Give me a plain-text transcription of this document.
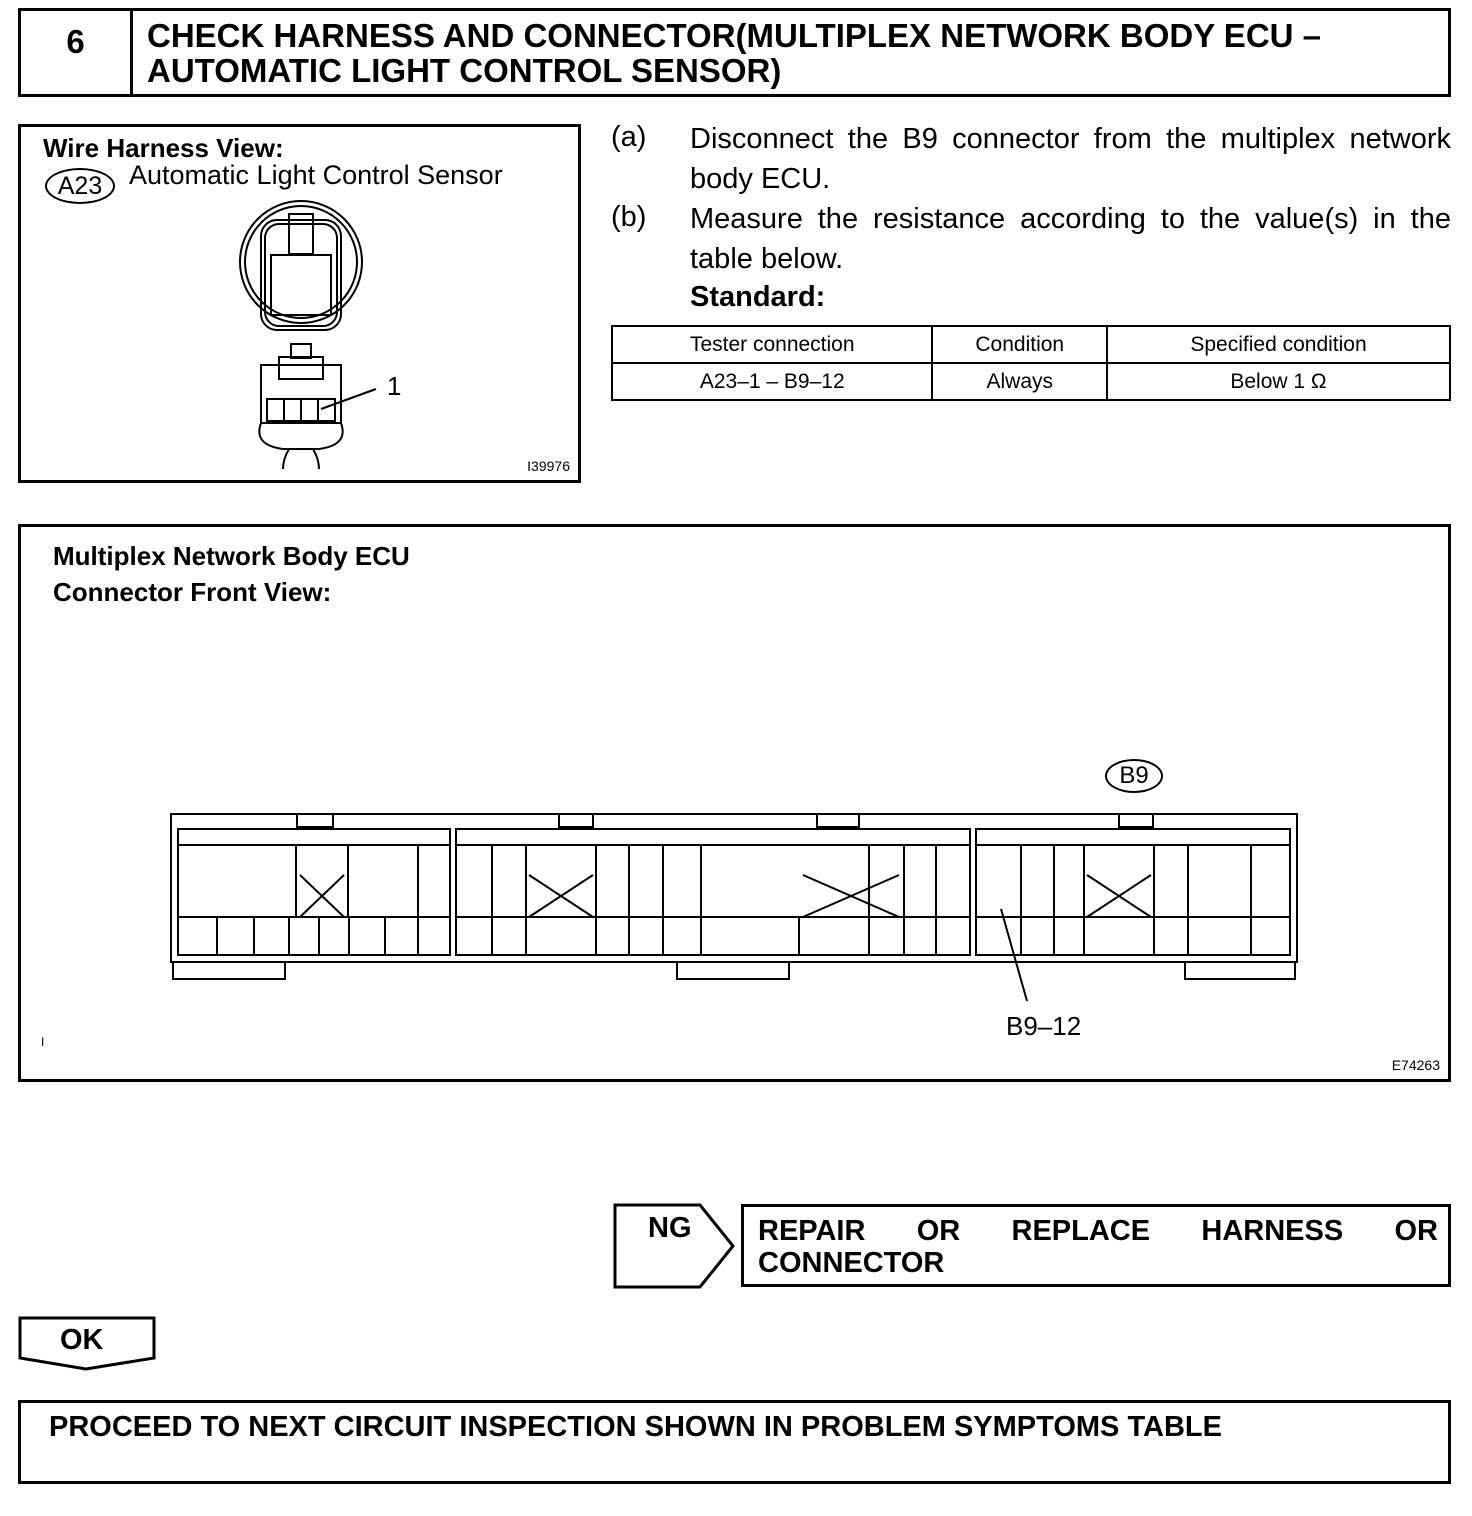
6	CHECK HARNESS AND CONNECTOR(MULTIPLEX NETWORK BODY ECU –
AUTOMATIC LIGHT CONTROL SENSOR)
Wire Harness View:
A23 Automatic Light Control Sensor
1
I39976
(a) Disconnect the B9 connector from the multiplex network
body ECU.
(b) Measure the resistance according to the value(s) in the
table below.
Standard:
Tester connection	Condition	Specified condition
A23–1 – B9–12	Always	Below 1 Ω
Multiplex Network Body ECU
Connector Front View:
B9
B9–12
I
E74263
NG REPAIR OR REPLACE HARNESS OR
CONNECTOR
OK
PROCEED TO NEXT CIRCUIT INSPECTION SHOWN IN PROBLEM SYMPTOMS TABLE
